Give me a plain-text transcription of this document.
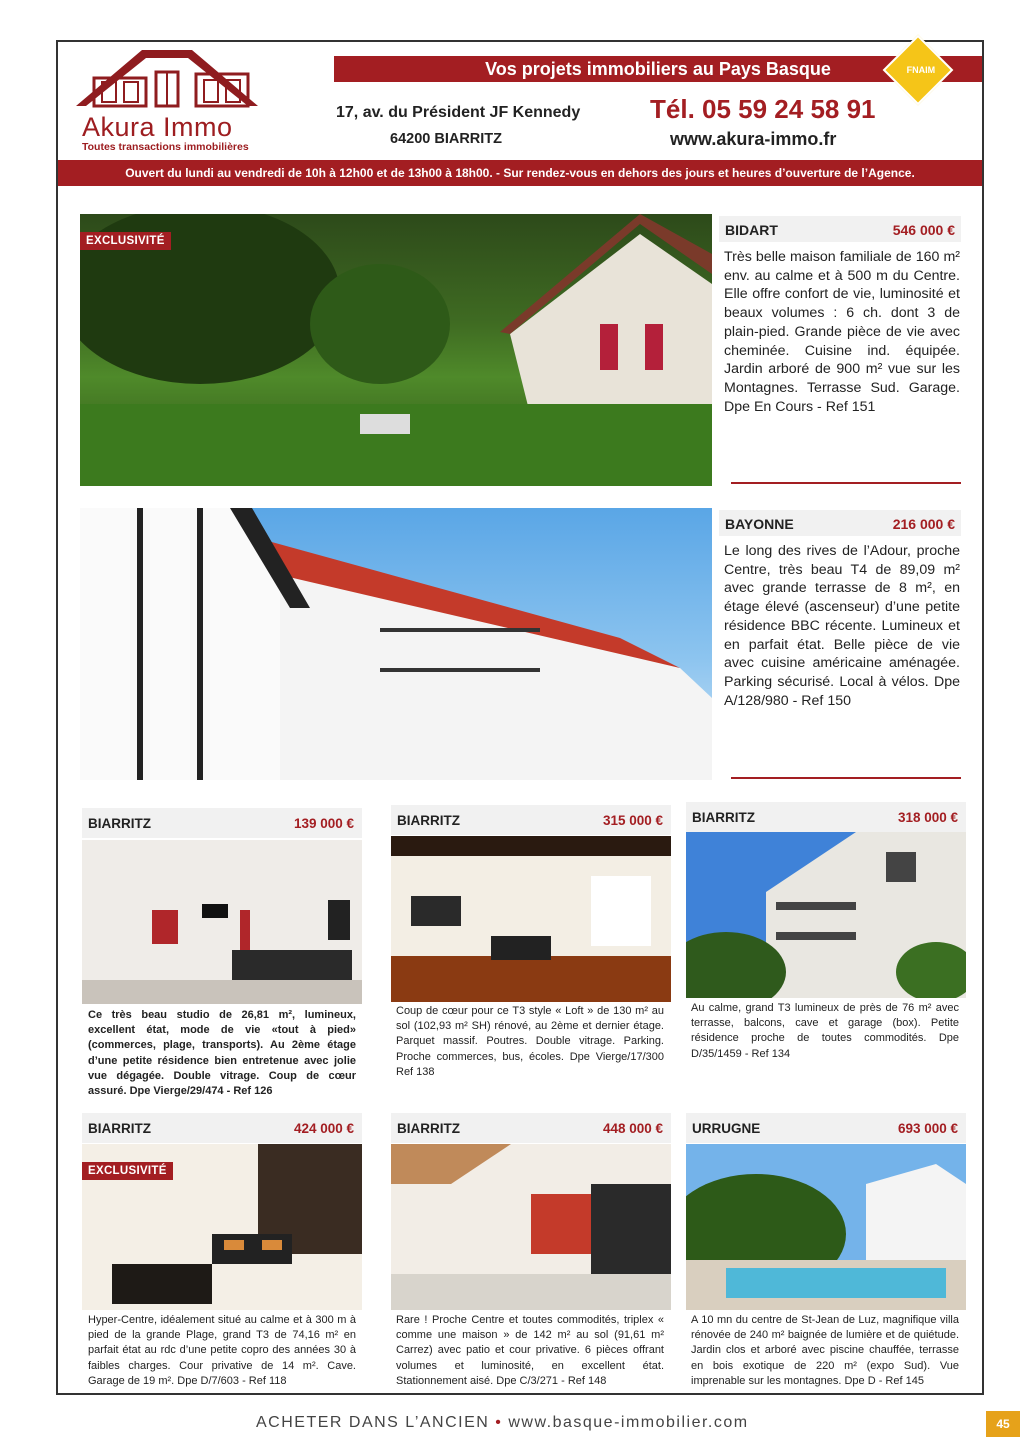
Akura Immo
Toutes transactions immobilières
Vos projets immobiliers au Pays Basque	FNAIM
17, av. du Président JF Kennedy
64200 BIARRITZ
Tél. 05 59 24 58 91
www.akura-immo.fr
Ouvert du lundi au vendredi de 10h à 12h00 et de 13h00 à 18h00. - Sur rendez-vous en dehors des jours et heures d’ouverture de l’Agence.
EXCLUSIVITÉ
BIDART	546 000 €
Très belle maison familiale de 160 m² env. au calme et à 500 m du Centre. Elle offre confort de vie, luminosité et beaux volumes : 6 ch. dont 3 de plain-pied. Grande pièce de vie avec cheminée. Cuisine ind. équipée. Jardin arboré de 900 m² vue sur les Montagnes. Terrasse Sud. Garage. Dpe En Cours - Ref 151
BAYONNE	216 000 €
Le long des rives de l’Adour, proche Centre, très beau T4 de 89,09 m² avec grande terrasse de 8 m², en étage élevé (ascenseur) d’une petite résidence BBC récente. Lumineux et en parfait état. Belle pièce de vie avec cuisine américaine aménagée. Parking sécurisé. Local à vélos. Dpe A/128/980 - Ref 150
BIARRITZ	139 000 €
Ce très beau studio de 26,81 m², lumineux, excellent état, mode de vie «tout à pied» (commerces, plage, transports). Au 2ème étage d’une petite résidence bien entretenue avec jolie vue dégagée. Double vitrage. Coup de cœur assuré. Dpe Vierge/29/474 - Ref 126
BIARRITZ	315 000 €
Coup de cœur pour ce T3 style « Loft » de 130 m² au sol (102,93 m² SH) rénové, au 2ème et dernier étage. Parquet massif. Poutres. Double vitrage. Parking. Proche commerces, bus, écoles. Dpe Vierge/17/300 Ref 138
BIARRITZ	318 000 €
Au calme, grand T3 lumineux de près de 76 m² avec terrasse, balcons, cave et garage (box). Petite résidence proche de toutes commodités. Dpe D/35/1459 - Ref 134
BIARRITZ	424 000 €
EXCLUSIVITÉ
Hyper-Centre, idéalement situé au calme et à 300 m à pied de la grande Plage, grand T3 de 74,16 m² en parfait état au rdc d’une petite copro des années 30 à faibles charges. Cour privative de 14 m². Cave. Garage de 19 m². Dpe D/7/603 - Ref 118
BIARRITZ	448 000 €
Rare ! Proche Centre et toutes commodités, triplex « comme une maison » de 142 m² au sol (91,61 m² Carrez) avec patio et cour privative. 6 pièces offrant volumes et luminosité, en excellent état. Stationnement aisé. Dpe C/3/271 - Ref 148
URRUGNE	693 000 €
A 10 mn du centre de St-Jean de Luz, magnifique villa rénovée de 240 m² baignée de lumière et de quiétude. Jardin clos et arboré avec piscine chauffée, terrasse en bois exotique de 220 m² (expo Sud). Vue imprenable sur les montagnes. Dpe D - Ref 145
ACHETER DANS L’ANCIEN • www.basque-immobilier.com	45
